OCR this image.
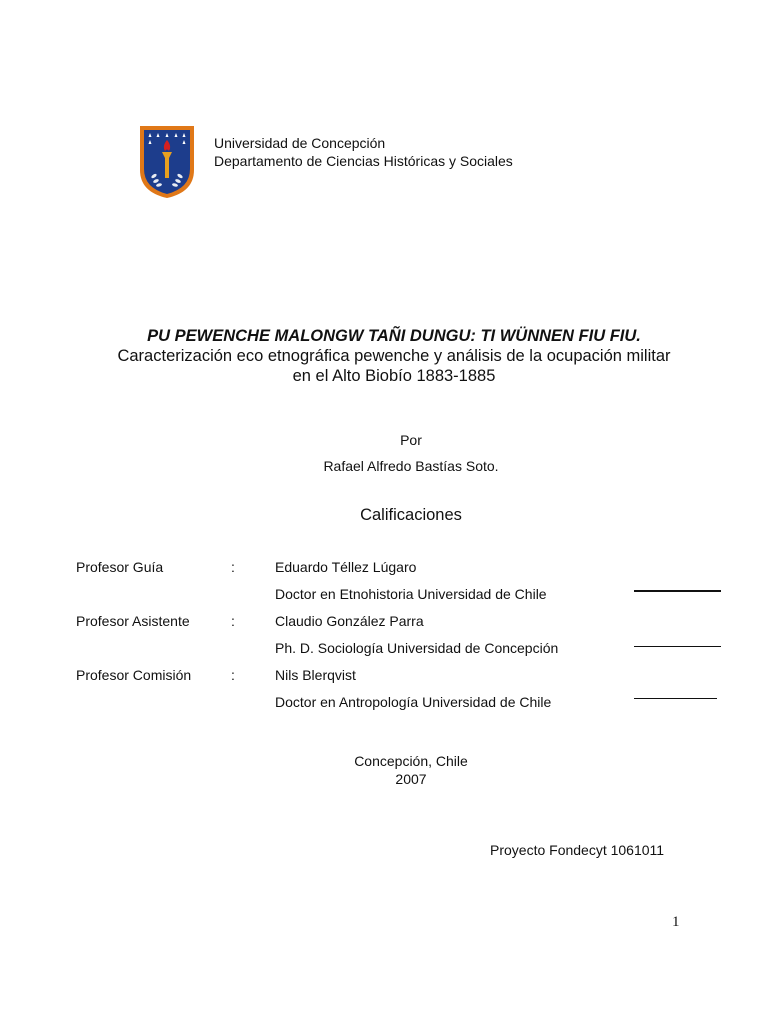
Universidad de Concepción
Departamento de Ciencias Históricas y Sociales
PU PEWENCHE MALONGW TAÑI DUNGU: TI WÜNNEN FIU FIU.
Caracterización eco etnográfica pewenche y análisis de la ocupación militar en el Alto Biobío 1883-1885
Por
Rafael Alfredo Bastías Soto.
Calificaciones
Profesor Guía	:	Eduardo Téllez Lúgaro
Doctor en Etnohistoria Universidad de Chile
Profesor Asistente	:	Claudio González Parra
Ph. D. Sociología Universidad de Concepción
Profesor Comisión	:	Nils Blerqvist
Doctor en Antropología Universidad de Chile
Concepción, Chile
2007
Proyecto Fondecyt 1061011
1
